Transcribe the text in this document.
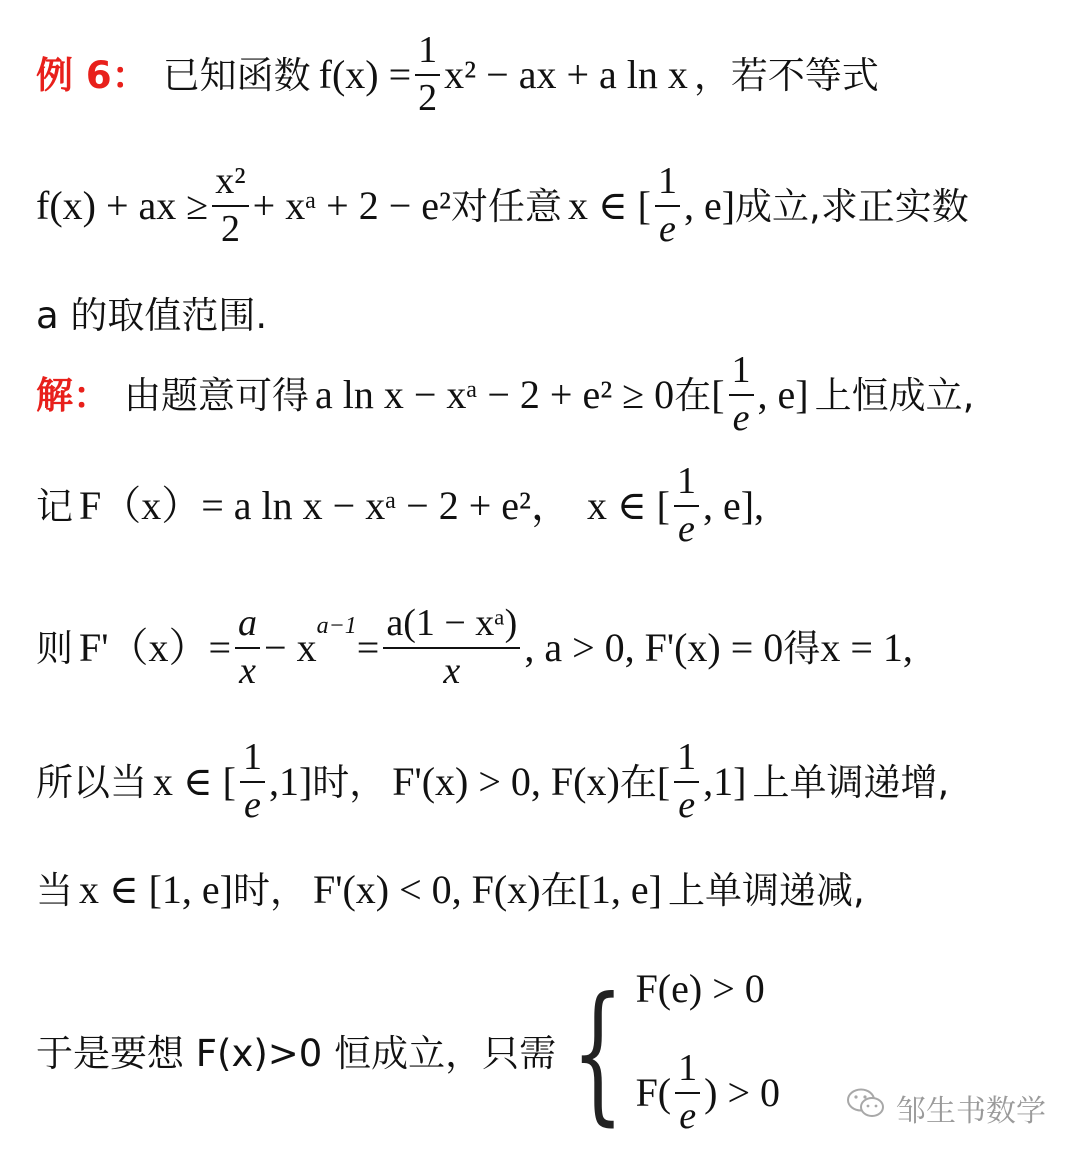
例 6： 已知函数 $f(x) = \frac{1}{2} x^2$ − ax + a ln x ，若不等式
f(x) + ax ≥ $\frac{\text{x²}}{2}$ + xᵃ + 2 − e² 对任意 x ∈ [ $\frac{1}{e}$ , e] 成立,求正实数
a 的取值范围.
解： 由题意可得 a ln x − xᵃ − 2 + e² ≥ 0 在 [ $\frac{1}{e}$ , e] 上恒成立,
记 F（x）= a ln x − xᵃ − 2 + e²， x ∈ [ $\frac{1}{e}$ , e],
则 $F'(x)= \frac{a}{x} - x^{a-1} = \frac{\text{a(1 − xᵃ)}}{x}$ , a > 0, F'(x) = 0 得 x = 1,
所以当 x ∈ [ $\frac{1}{e} ,1$] 时， F'(x) > 0, F(x) 在 [ $\frac{1}{e} ,1$] 上单调递增,
当 x ∈ [1, e] 时， F'(x) < 0, F(x) 在 [1, e] 上单调递减,
于是要想 F(x)>0 恒成立，只需 { F(e) > 0
$F( \frac{1}{e}$ ) > 0	邹生书数学
